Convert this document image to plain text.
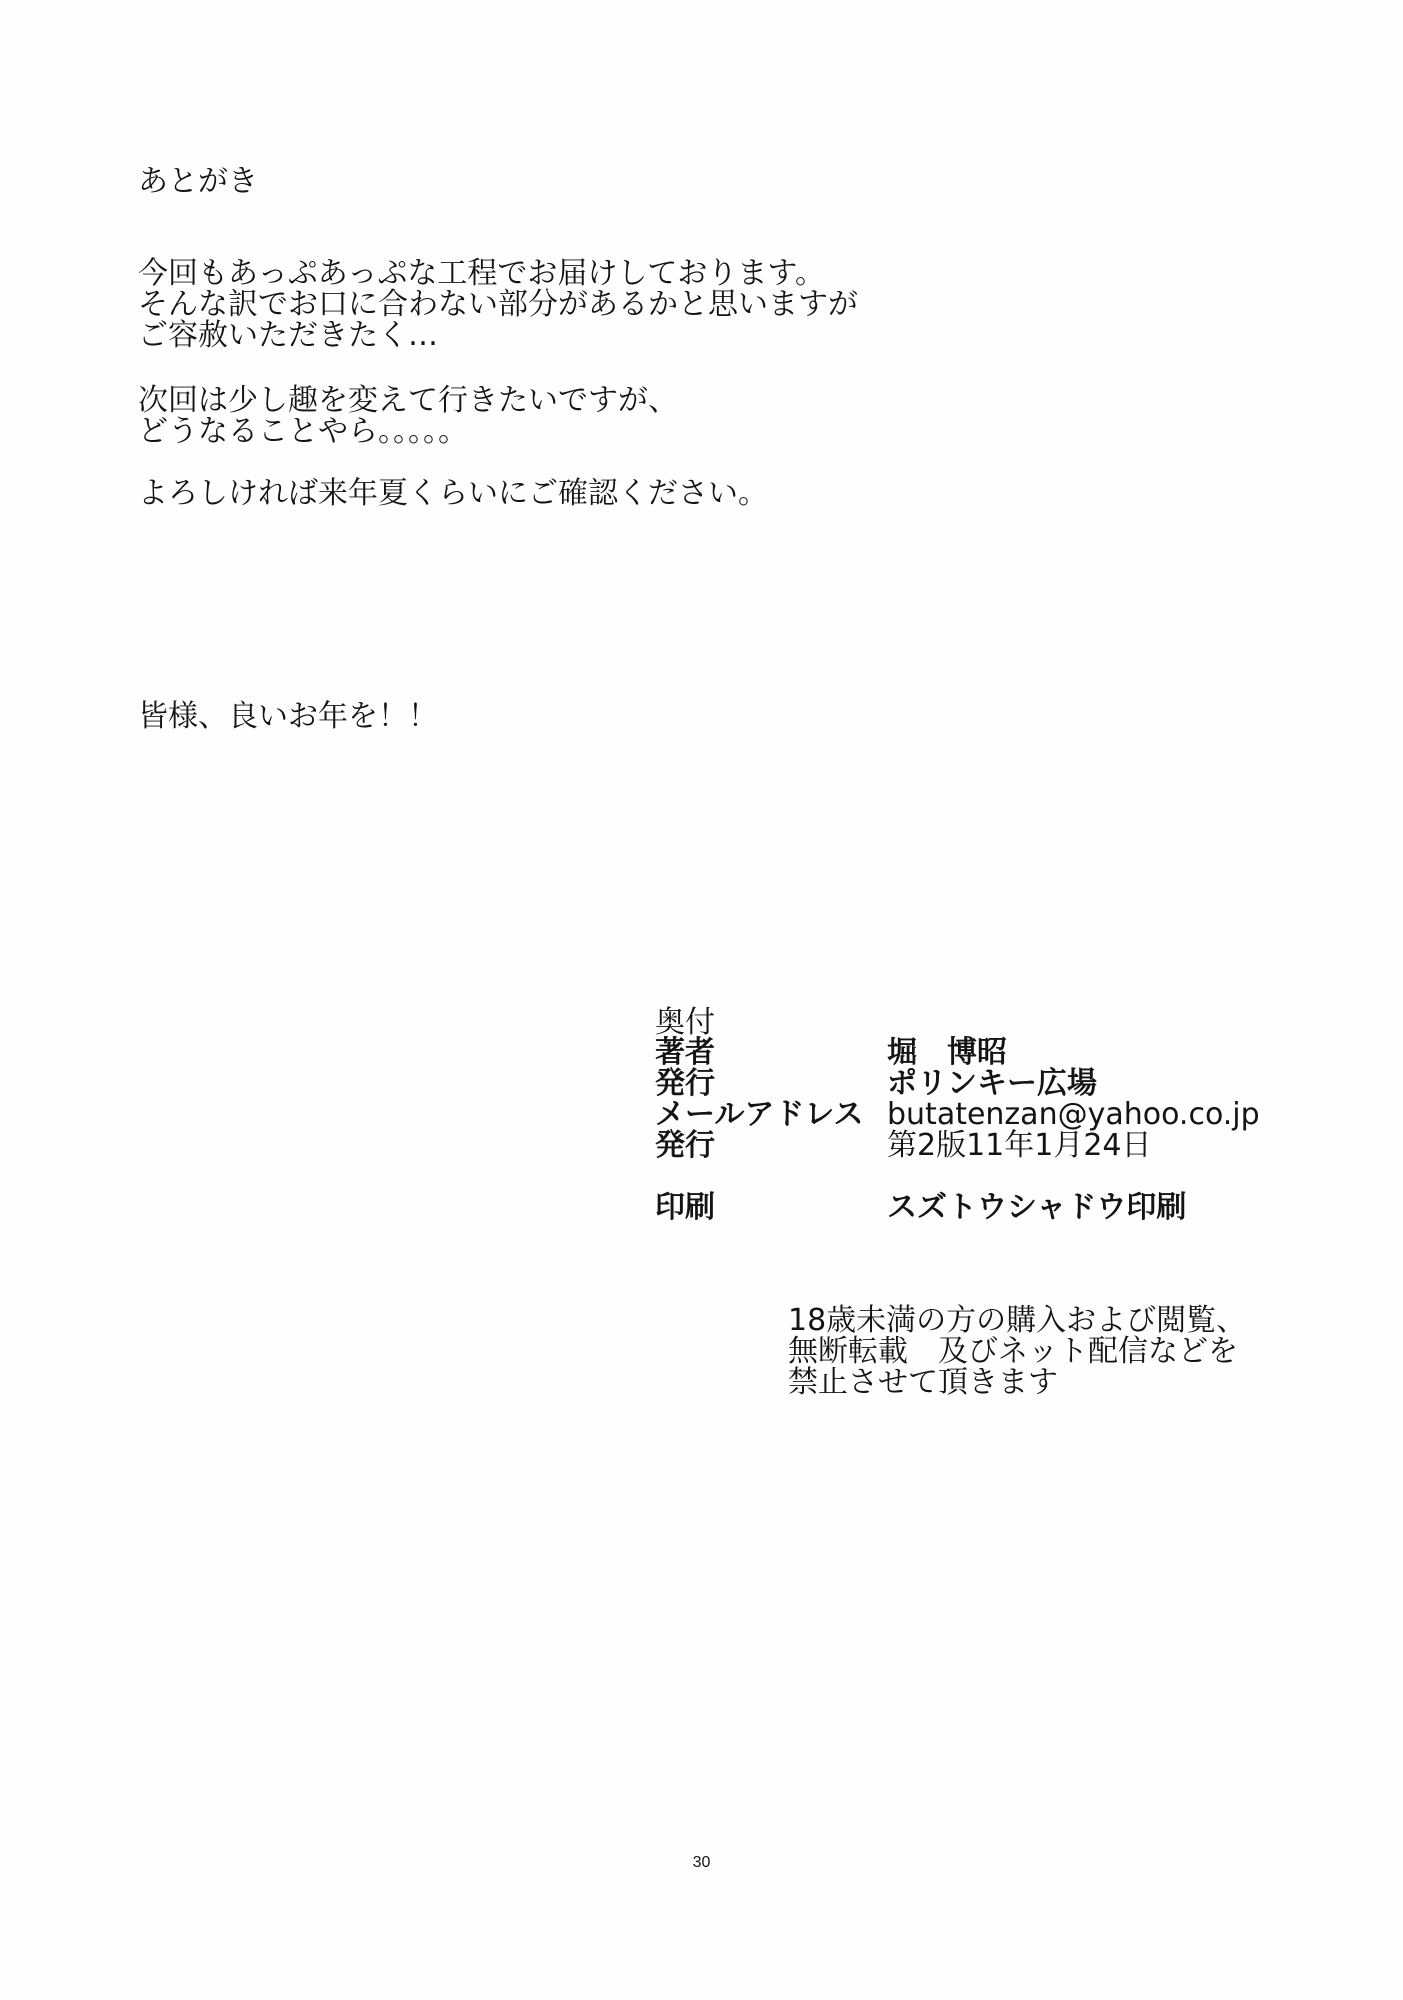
あとがき

今回もあっぷあっぷな工程でお届けしております。
そんな訳でお口に合わない部分があるかと思いますが
ご容赦いただきたく…

次回は少し趣を変えて行きたいですが、
どうなることやら。。。。。

よろしければ来年夏くらいにご確認ください。

皆様、良いお年を！！

奥付
著者	堀　博昭
発行	ポリンキー広場
メールアドレス butatenzan@yahoo.co.jp
発行	第2版11年1月24日
印刷	スズトウシャドウ印刷

18歳未満の方の購入および閲覧、
無断転載　及びネット配信などを
禁止させて頂きます

30
